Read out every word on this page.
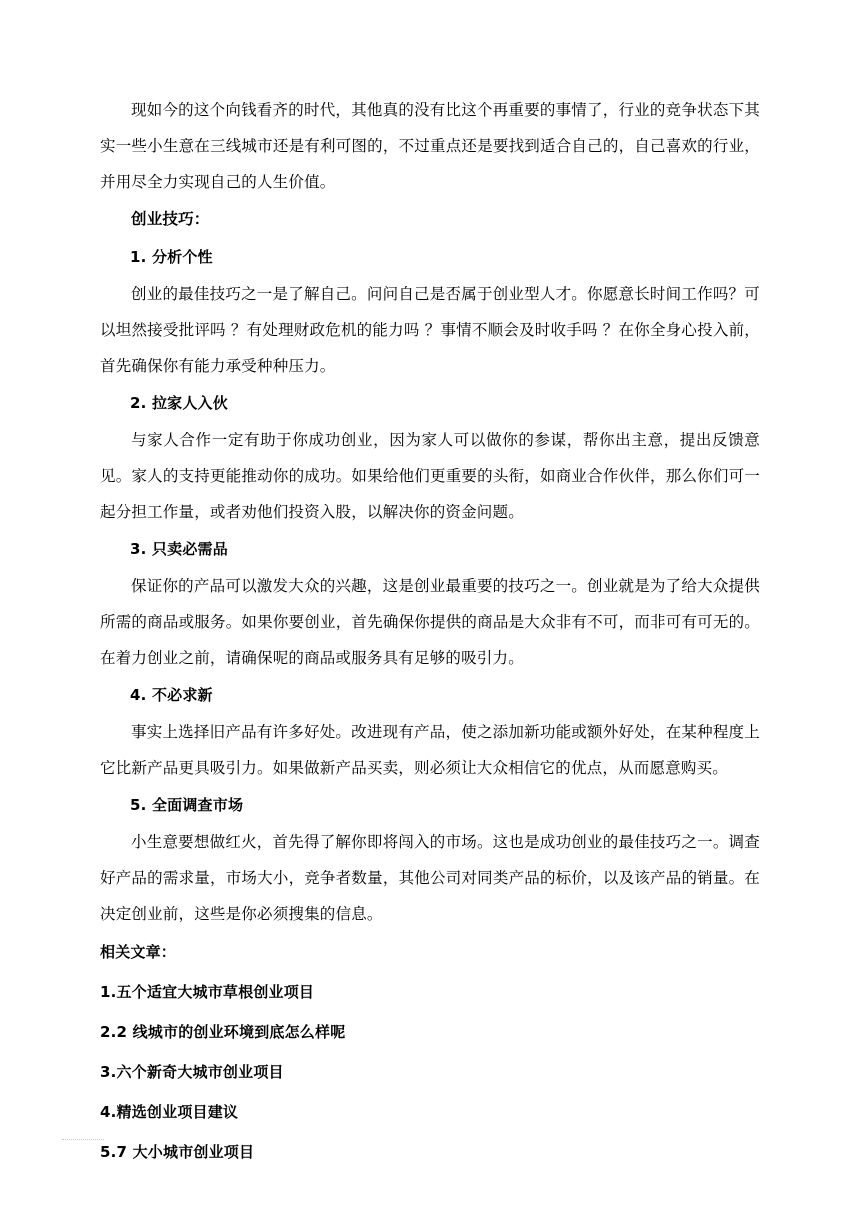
现如今的这个向钱看齐的时代，其他真的没有比这个再重要的事情了，行业的竞争状态下其实一些小生意在三线城市还是有利可图的，不过重点还是要找到适合自己的，自己喜欢的行业，并用尽全力实现自己的人生价值。

创业技巧：

1. 分析个性

创业的最佳技巧之一是了解自己。问问自己是否属于创业型人才。你愿意长时间工作吗？可以坦然接受批评吗 ？有处理财政危机的能力吗 ？事情不顺会及时收手吗 ？在你全身心投入前，首先确保你有能力承受种种压力。

2. 拉家人入伙

与家人合作一定有助于你成功创业，因为家人可以做你的参谋，帮你出主意，提出反馈意见。家人的支持更能推动你的成功。如果给他们更重要的头衔，如商业合作伙伴，那么你们可一起分担工作量，或者劝他们投资入股，以解决你的资金问题。

3. 只卖必需品

保证你的产品可以激发大众的兴趣，这是创业最重要的技巧之一。创业就是为了给大众提供所需的商品或服务。如果你要创业，首先确保你提供的商品是大众非有不可，而非可有可无的。在着力创业之前，请确保呢的商品或服务具有足够的吸引力。

4. 不必求新

事实上选择旧产品有许多好处。改进现有产品，使之添加新功能或额外好处，在某种程度上它比新产品更具吸引力。如果做新产品买卖，则必须让大众相信它的优点，从而愿意购买。

5. 全面调查市场

小生意要想做红火，首先得了解你即将闯入的市场。这也是成功创业的最佳技巧之一。调查好产品的需求量，市场大小，竞争者数量，其他公司对同类产品的标价，以及该产品的销量。在决定创业前，这些是你必须搜集的信息。

相关文章：

1.五个适宜大城市草根创业项目

2.2 线城市的创业环境到底怎么样呢

3.六个新奇大城市创业项目

4.精选创业项目建议

5.7 大小城市创业项目
